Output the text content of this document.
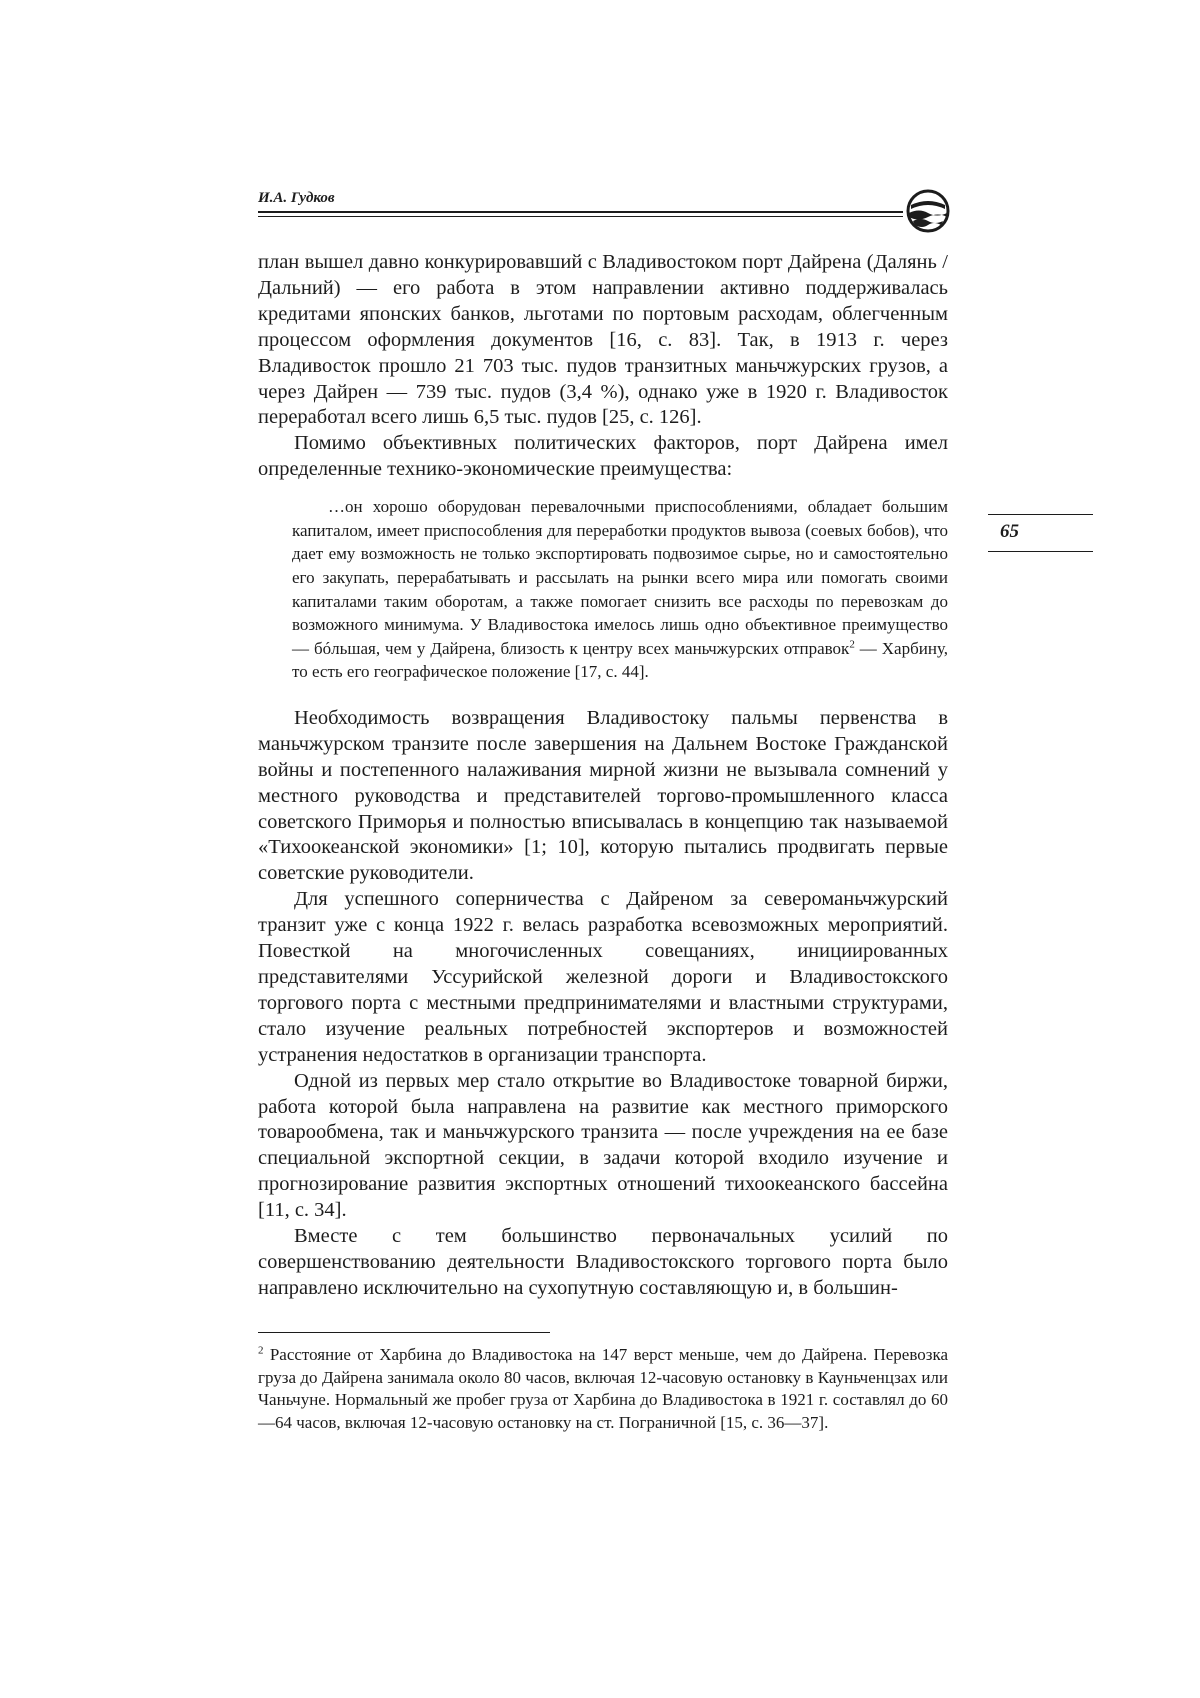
И.А. Гудков
65

план вышел давно конкурировавший с Владивостоком порт Дайрена (Далянь / Дальний) — его работа в этом направлении активно поддерживалась кредитами японских банков, льготами по портовым расходам, облегченным процессом оформления документов [16, с. 83]. Так, в 1913 г. через Владивосток прошло 21 703 тыс. пудов транзитных маньчжурских грузов, а через Дайрен — 739 тыс. пудов (3,4 %), однако уже в 1920 г. Владивосток переработал всего лишь 6,5 тыс. пудов [25, с. 126].

Помимо объективных политических факторов, порт Дайрена имел определенные технико-экономические преимущества:

…он хорошо оборудован перевалочными приспособлениями, обладает большим капиталом, имеет приспособления для переработки продуктов вывоза (соевых бобов), что дает ему возможность не только экспортировать подвозимое сырье, но и самостоятельно его закупать, перерабатывать и рассылать на рынки всего мира или помогать своими капиталами таким оборотам, а также помогает снизить все расходы по перевозкам до возможного минимума. У Владивостока имелось лишь одно объективное преимущество — бóльшая, чем у Дайрена, близость к центру всех маньчжурских отправок$^2$ — Харбину, то есть его географическое положение [17, с. 44].

Необходимость возвращения Владивостоку пальмы первенства в маньчжурском транзите после завершения на Дальнем Востоке Гражданской войны и постепенного налаживания мирной жизни не вызывала сомнений у местного руководства и представителей торгово-промышленного класса советского Приморья и полностью вписывалась в концепцию так называемой «Тихоокеанской экономики» [1; 10], которую пытались продвигать первые советские руководители.

Для успешного соперничества с Дайреном за североманьчжурский транзит уже с конца 1922 г. велась разработка всевозможных мероприятий. Повесткой на многочисленных совещаниях, инициированных представителями Уссурийской железной дороги и Владивостокского торгового порта с местными предпринимателями и властными структурами, стало изучение реальных потребностей экспортеров и возможностей устранения недостатков в организации транспорта.

Одной из первых мер стало открытие во Владивостоке товарной биржи, работа которой была направлена на развитие как местного приморского товарообмена, так и маньчжурского транзита — после учреждения на ее базе специальной экспортной секции, в задачи которой входило изучение и прогнозирование развития экспортных отношений тихоокеанского бассейна [11, с. 34].

Вместе с тем большинство первоначальных усилий по совершенствованию деятельности Владивостокского торгового порта было направлено исключительно на сухопутную составляющую и, в большин-

$^2$ Расстояние от Харбина до Владивостока на 147 верст меньше, чем до Дайрена. Перевозка груза до Дайрена занимала около 80 часов, включая 12-часовую остановку в Кауньченцзах или Чаньчуне. Нормальный же пробег груза от Харбина до Владивостока в 1921 г. составлял до 60—64 часов, включая 12-часовую остановку на ст. Пограничной [15, с. 36—37].
